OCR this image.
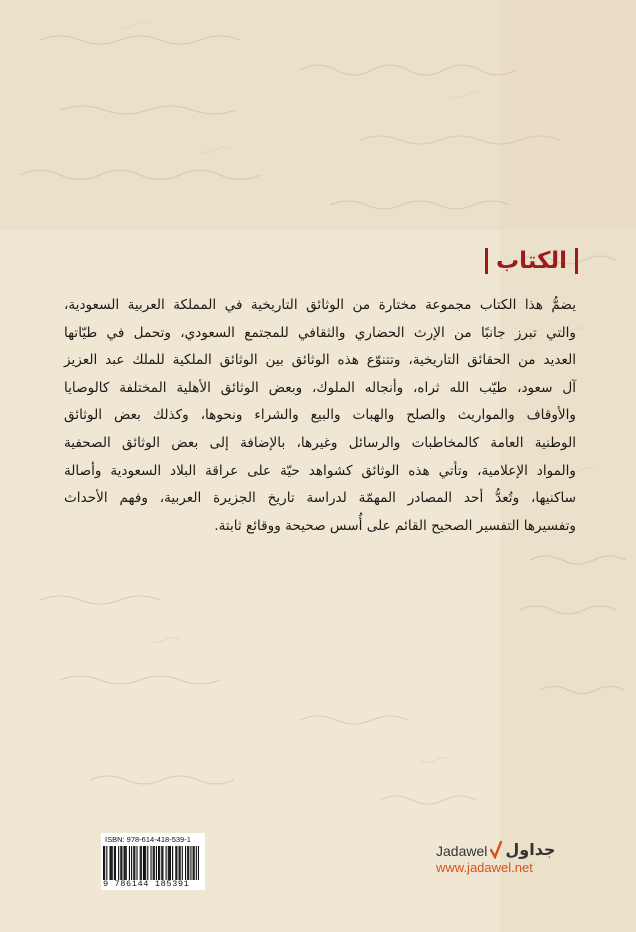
الكتاب

يضمُّ هذا الكتاب مجموعة مختارة من الوثائق التاريخية في المملكة العربية السعودية،
والتي تبرز جانبًا من الإرث الحضاري والثقافي للمجتمع السعودي، وتحمل في طيّاتها
العديد من الحقائق التاريخية، وتتنوّع هذه الوثائق بين الوثائق الملكية للملك عبد العزيز
آل سعود، طيّب الله ثراه، وأنجاله الملوك، وبعض الوثائق الأهلية المختلفة كالوصايا
والأوقاف والمواريث والصلح والهبات والبيع والشراء ونحوها، وكذلك بعض الوثائق
الوطنية العامة كالمخاطبات والرسائل وغيرها، بالإضافة إلى بعض الوثائق الصحفية
والمواد الإعلامية، وتأتي هذه الوثائق كشواهد حيّة على عراقة البلاد السعودية وأصالة
ساكنيها، وتُعدُّ أحد المصادر المهمّة لدراسة تاريخ الجزيرة العربية، وفهم الأحداث
وتفسيرها التفسير الصحيح القائم على أُسس صحيحة ووقائع ثابتة.

ISBN: 978-614-418-539-1
9 786144 185391
Jadawel جداول
www.jadawel.net
